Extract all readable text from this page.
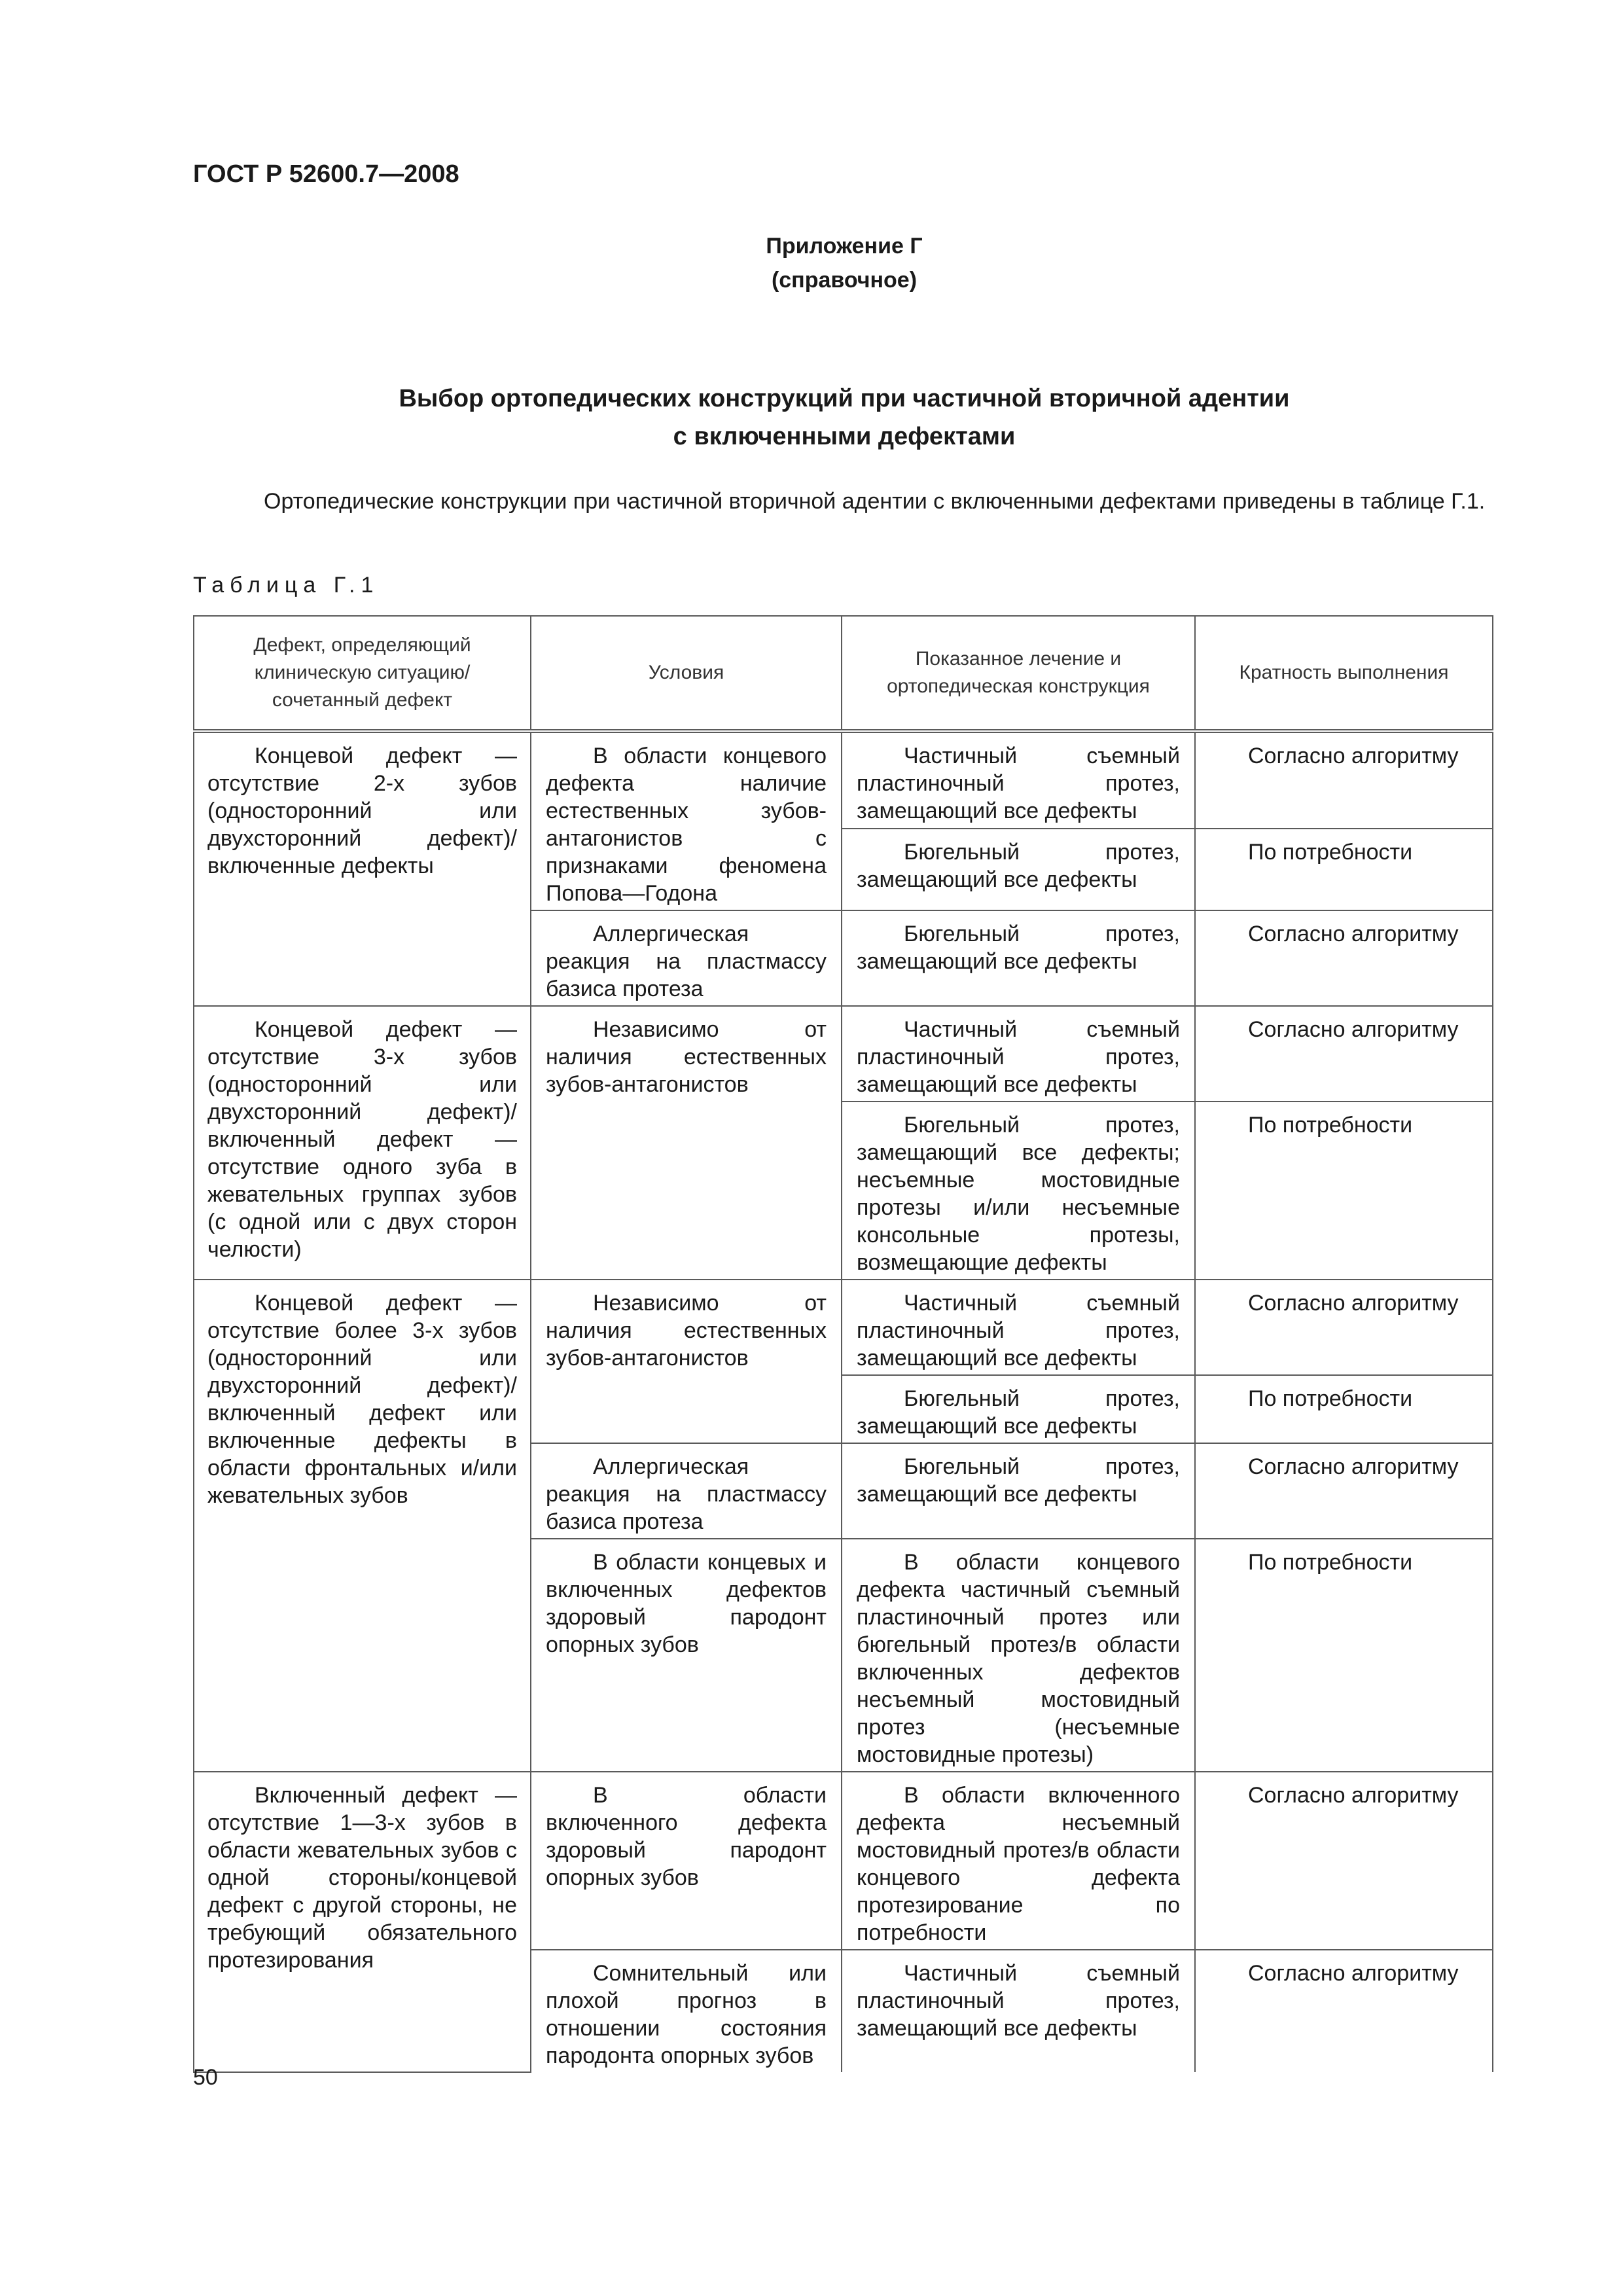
ГОСТ Р 52600.7—2008
Приложение Г
(справочное)
Выбор ортопедических конструкций при частичной вторичной адентии
с включенными дефектами
Ортопедические конструкции при частичной вторичной адентии с включенными дефектами приведены в таблице Г.1.
Таблица Г.1
Дефект, определяющий клиническую ситуацию/сочетанный дефект	Условия	Показанное лечение и ортопедическая конструкция	Кратность выполнения

Концевой дефект — отсутствие 2-х зубов (односторонний или двухсторонний дефект)/включенные дефекты	В области концевого дефекта наличие естественных зубов-антагонистов с признаками феномена Попова—Годона	Частичный съемный пластиночный протез, замещающий все дефекты	Согласно алгоритму

		Бюгельный протез, замещающий все дефекты	По потребности

	Аллергическая реакция на пластмассу базиса протеза	Бюгельный протез, замещающий все дефекты	Согласно алгоритму

Концевой дефект — отсутствие 3-х зубов (односторонний или двухсторонний дефект)/включенный дефект — отсутствие одного зуба в жевательных группах зубов (с одной или с двух сторон челюсти)	Независимо от наличия естественных зубов-антагонистов	Частичный съемный пластиночный протез, замещающий все дефекты	Согласно алгоритму

		Бюгельный протез, замещающий все дефекты; несъемные мостовидные протезы и/или несъемные консольные протезы, возмещающие дефекты	По потребности

Концевой дефект — отсутствие более 3-х зубов (односторонний или двухсторонний дефект)/включенный дефект или включенные дефекты в области фронтальных и/или жевательных зубов	Независимо от наличия естественных зубов-антагонистов	Частичный съемный пластиночный протез, замещающий все дефекты	Согласно алгоритму

		Бюгельный протез, замещающий все дефекты	По потребности

	Аллергическая реакция на пластмассу базиса протеза	Бюгельный протез, замещающий все дефекты	Согласно алгоритму

	В области концевых и включенных дефектов здоровый пародонт опорных зубов	В области концевого дефекта частичный съемный пластиночный протез или бюгельный протез/в области включенных дефектов несъемный мостовидный протез (несъемные мостовидные протезы)	По потребности

Включенный дефект — отсутствие 1—3-х зубов в области жевательных зубов с одной стороны/концевой дефект с другой стороны, не требующий обязательного протезирования	В области включенного дефекта здоровый пародонт опорных зубов	В области включенного дефекта несъемный мостовидный протез/в области концевого дефекта протезирование по потребности	Согласно алгоритму

	Сомнительный или плохой прогноз в отношении состояния пародонта опорных зубов	Частичный съемный пластиночный протез, замещающий все дефекты	Согласно алгоритму
50
